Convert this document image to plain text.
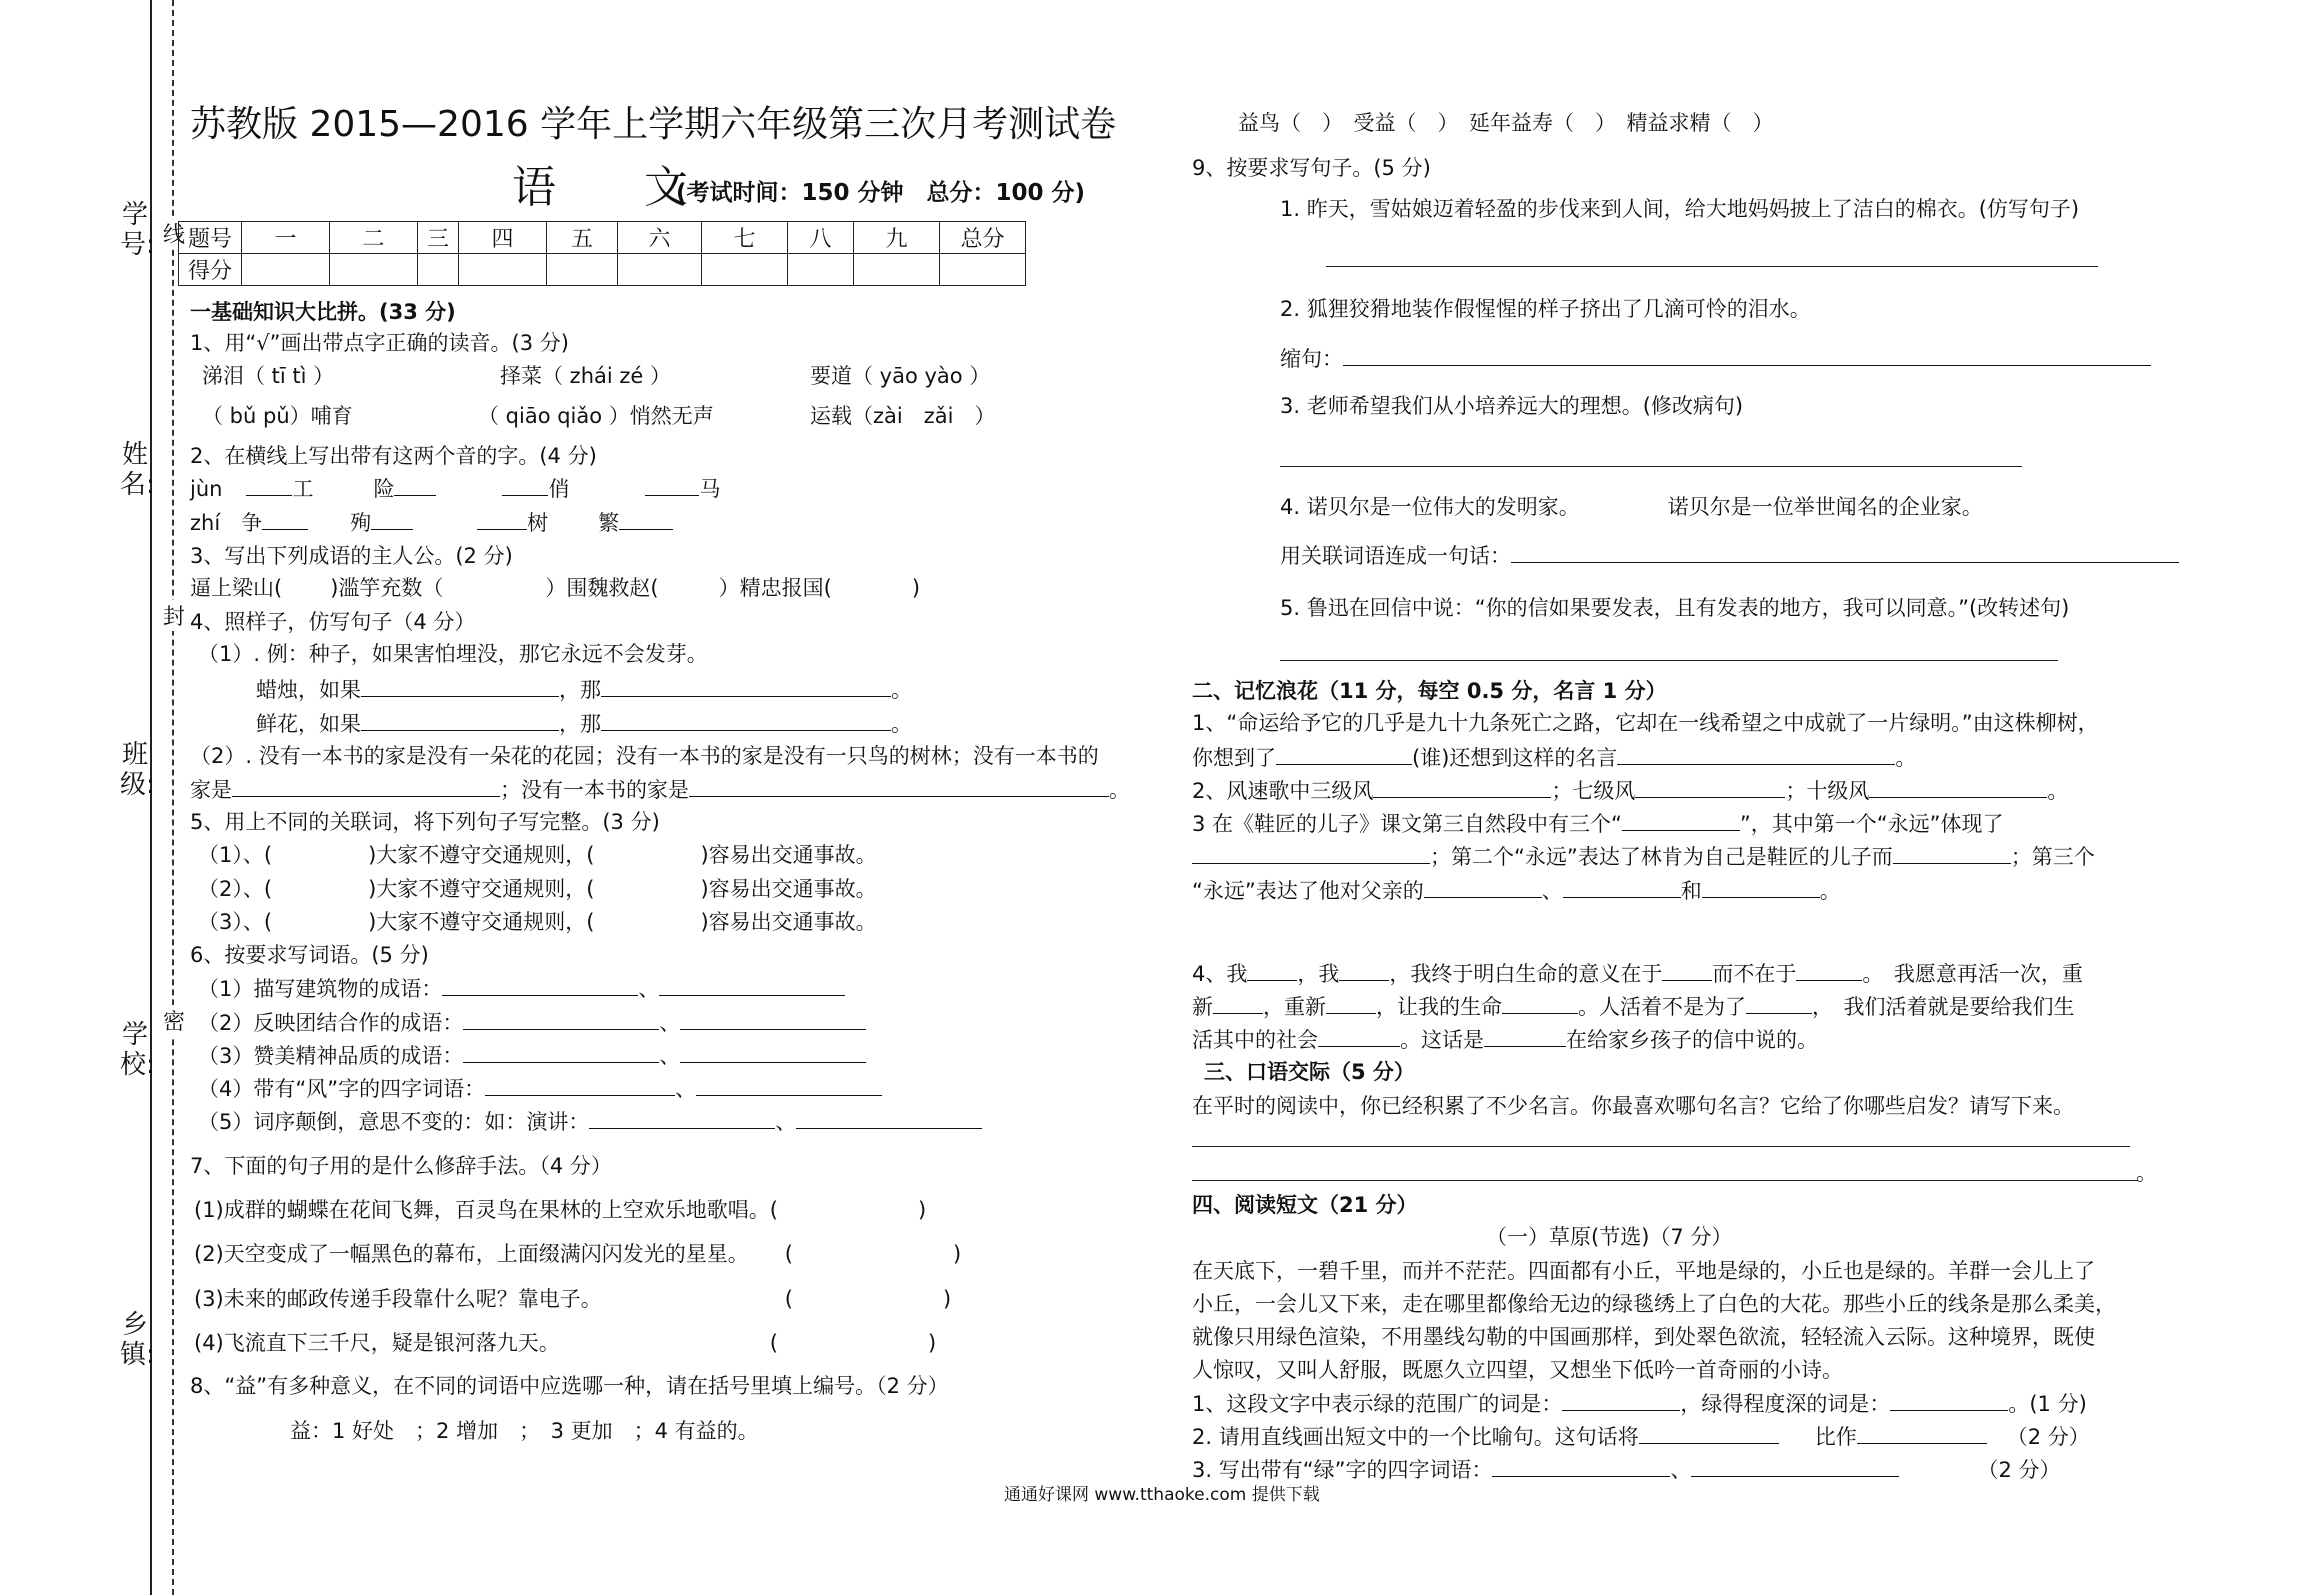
学号:
姓名:
班级:
学校:
乡镇:
线
封
密
苏教版 2015—2016 学年上学期六年级第三次月考测试卷
语　　文
(考试时间：150 分钟　总分：100 分)
题号	一	二	三	四	五	六	七	八	九	总分
得分										
一基础知识大比拼。(33 分)
1、用“√”画出带点字正确的读音。(3 分)
涕泪（ tī tì ）	择菜（ zhái zé ）	要道（ yāo yào ）
（ bǔ pǔ）哺育	（ qiāo qiǎo ）悄然无声	运载（zài　zǎi　）
2、在横线上写出带有这两个音的字。(4 分)
jùn	工	险	俏	马
zhí　争	殉	树 繁
3、写出下列成语的主人公。(2 分)
逼上梁山( )滥竽充数（	）围魏救赵(	）精忠报国(	)
4、照样子，仿写句子（4 分）
（1）. 例：种子，如果害怕埋没，那它永远不会发芽。
蜡烛，如果	，那	。
鲜花，如果	，那	。
（2）. 没有一本书的家是没有一朵花的花园；没有一本书的家是没有一只鸟的树林；没有一本书的
家是	；没有一本书的家是	。
5、用上不同的关联词，将下列句子写完整。(3 分)
（1）、(	)大家不遵守交通规则，(	)容易出交通事故。
（2）、(	)大家不遵守交通规则，(	)容易出交通事故。
（3）、(	)大家不遵守交通规则，(	)容易出交通事故。
6、按要求写词语。(5 分)
（1）描写建筑物的成语：	、
（2）反映团结合作的成语：	、
（3）赞美精神品质的成语：	、
（4）带有“风”字的四字词语：	、
（5）词序颠倒，意思不变的：如：演讲：	、
7、下面的句子用的是什么修辞手法。（4 分）
(1)成群的蝴蝶在花间飞舞，百灵鸟在果林的上空欢乐地歌唱。(	)
(2)天空变成了一幅黑色的幕布，上面缀满闪闪发光的星星。 (	)
(3)未来的邮政传递手段靠什么呢？靠电子。	(	)
(4)飞流直下三千尺，疑是银河落九天。	(	)
8、“益”有多种意义，在不同的词语中应选哪一种，请在括号里填上编号。（2 分）
益：1 好处　；2 增加　；　3 更加　；4 有益的。
益鸟（　）　受益（　）　延年益寿（　）　精益求精（　）
9、按要求写句子。(5 分)
1. 昨天，雪姑娘迈着轻盈的步伐来到人间，给大地妈妈披上了洁白的棉衣。(仿写句子)
2. 狐狸狡猾地装作假惺惺的样子挤出了几滴可怜的泪水。
缩句：
3. 老师希望我们从小培养远大的理想。(修改病句)
4. 诺贝尔是一位伟大的发明家。	诺贝尔是一位举世闻名的企业家。
用关联词语连成一句话：
5. 鲁迅在回信中说：“你的信如果要发表，且有发表的地方，我可以同意。”(改转述句)
二、记忆浪花（11 分，每空 0.5 分，名言 1 分）
1、“命运给予它的几乎是九十九条死亡之路，它却在一线希望之中成就了一片绿明。”由这株柳树，
你想到了	(谁)还想到这样的名言	。
2、风速歌中三级风	；七级风	；十级风	。
3 在《鞋匠的儿子》课文第三自然段中有三个“	”，其中第一个“永远”体现了
；第二个“永远”表达了林肯为自己是鞋匠的儿子而	；第三个
“永远”表达了他对父亲的	、	和	。
4、我 ，我 ，我终于明白生命的意义在于 而不在于	。　我愿意再活一次，重
新 ，重新 ，让我的生命	。人活着不是为了	，　我们活着就是要给我们生
活其中的社会	。这话是	在给家乡孩子的信中说的。
三、口语交际（5 分）
在平时的阅读中，你已经积累了不少名言。你最喜欢哪句名言？它给了你哪些启发？请写下来。
。
四、阅读短文（21 分）
（一）草原(节选)（7 分）
在天底下，一碧千里，而并不茫茫。四面都有小丘，平地是绿的，小丘也是绿的。羊群一会儿上了
小丘，一会儿又下来，走在哪里都像给无边的绿毯绣上了白色的大花。那些小丘的线条是那么柔美，
就像只用绿色渲染，不用墨线勾勒的中国画那样，到处翠色欲流，轻轻流入云际。这种境界，既使
人惊叹，又叫人舒服，既愿久立四望，又想坐下低吟一首奇丽的小诗。
1、这段文字中表示绿的范围广的词是：	，绿得程度深的词是：	。(1 分)
2. 请用直线画出短文中的一个比喻句。这句话将	比作	（2 分）
3. 写出带有“绿”字的四字词语：	、	（2 分）
通通好课网 www.tthaoke.com 提供下载
